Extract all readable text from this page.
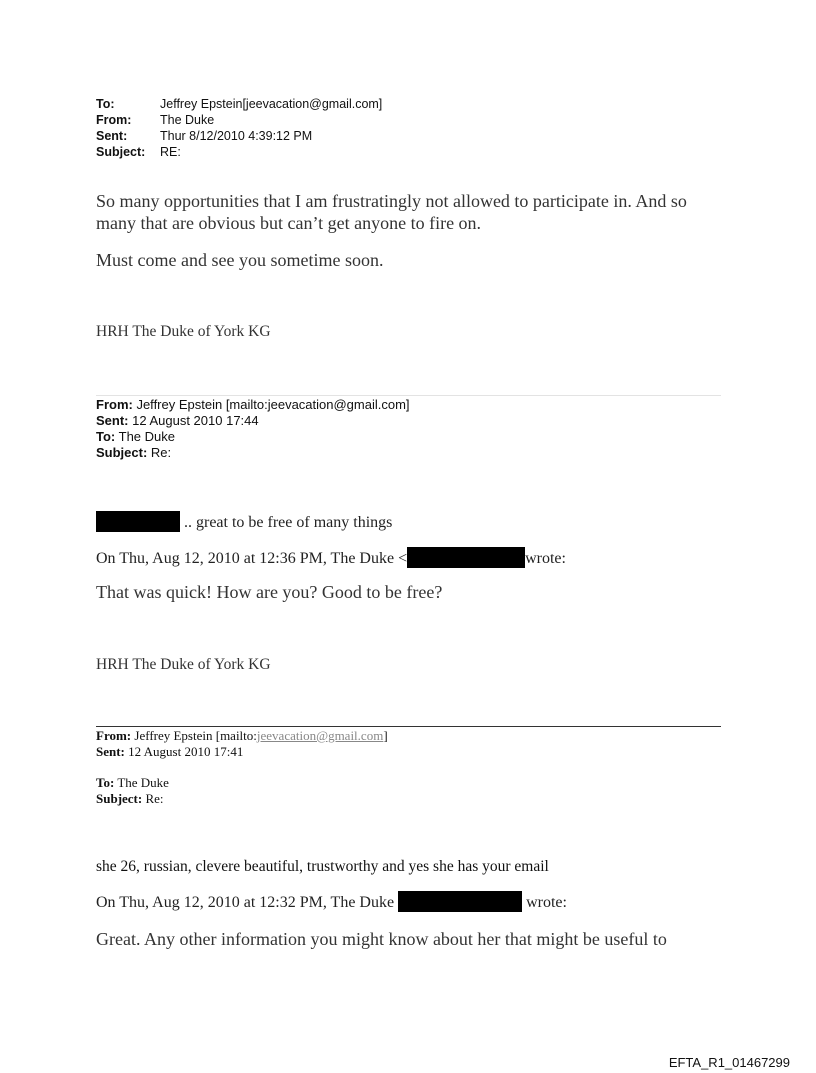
To:	Jeffrey Epstein[jeevacation@gmail.com]
From: The Duke
Sent:	Thur 8/12/2010 4:39:12 PM
Subject: RE:
So many opportunities that I am frustratingly not allowed to participate in. And so
many that are obvious but can’t get anyone to fire on.
Must come and see you sometime soon.
HRH The Duke of York KG
From: Jeffrey Epstein [mailto:jeevacation@gmail.com]
Sent: 12 August 2010 17:44
To: The Duke
Subject: Re:
.. great to be free of many things
On Thu, Aug 12, 2010 at 12:36 PM, The Duke <	wrote:
That was quick! How are you? Good to be free?
HRH The Duke of York KG
From: Jeffrey Epstein [mailto:jeevacation@gmail.com]
Sent: 12 August 2010 17:41
To: The Duke
Subject: Re:
she 26, russian, clevere beautiful, trustworthy and yes she has your email
On Thu, Aug 12, 2010 at 12:32 PM, The Duke	wrote:
Great. Any other information you might know about her that might be useful to
EFTA_R1_01467299
